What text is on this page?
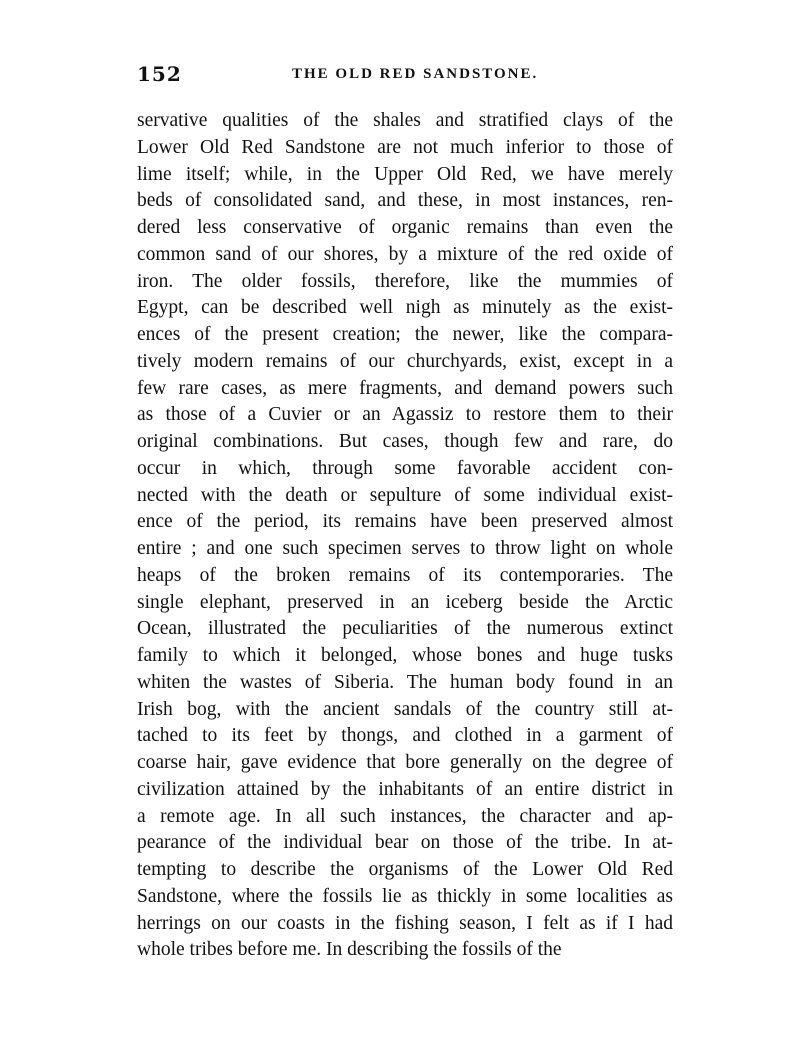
152	THE OLD RED SANDSTONE.
servative qualities of the shales and stratified clays of the
Lower Old Red Sandstone are not much inferior to those of
lime itself; while, in the Upper Old Red, we have merely
beds of consolidated sand, and these, in most instances, ren-
dered less conservative of organic remains than even the
common sand of our shores, by a mixture of the red oxide of
iron. The older fossils, therefore, like the mummies of
Egypt, can be described well nigh as minutely as the exist-
ences of the present creation; the newer, like the compara-
tively modern remains of our churchyards, exist, except in a
few rare cases, as mere fragments, and demand powers such
as those of a Cuvier or an Agassiz to restore them to their
original combinations. But cases, though few and rare, do
occur in which, through some favorable accident con-
nected with the death or sepulture of some individual exist-
ence of the period, its remains have been preserved almost
entire ; and one such specimen serves to throw light on whole
heaps of the broken remains of its contemporaries. The
single elephant, preserved in an iceberg beside the Arctic
Ocean, illustrated the peculiarities of the numerous extinct
family to which it belonged, whose bones and huge tusks
whiten the wastes of Siberia. The human body found in an
Irish bog, with the ancient sandals of the country still at-
tached to its feet by thongs, and clothed in a garment of
coarse hair, gave evidence that bore generally on the degree of
civilization attained by the inhabitants of an entire district in
a remote age. In all such instances, the character and ap-
pearance of the individual bear on those of the tribe. In at-
tempting to describe the organisms of the Lower Old Red
Sandstone, where the fossils lie as thickly in some localities as
herrings on our coasts in the fishing season, I felt as if I had
whole tribes before me. In describing the fossils of the
